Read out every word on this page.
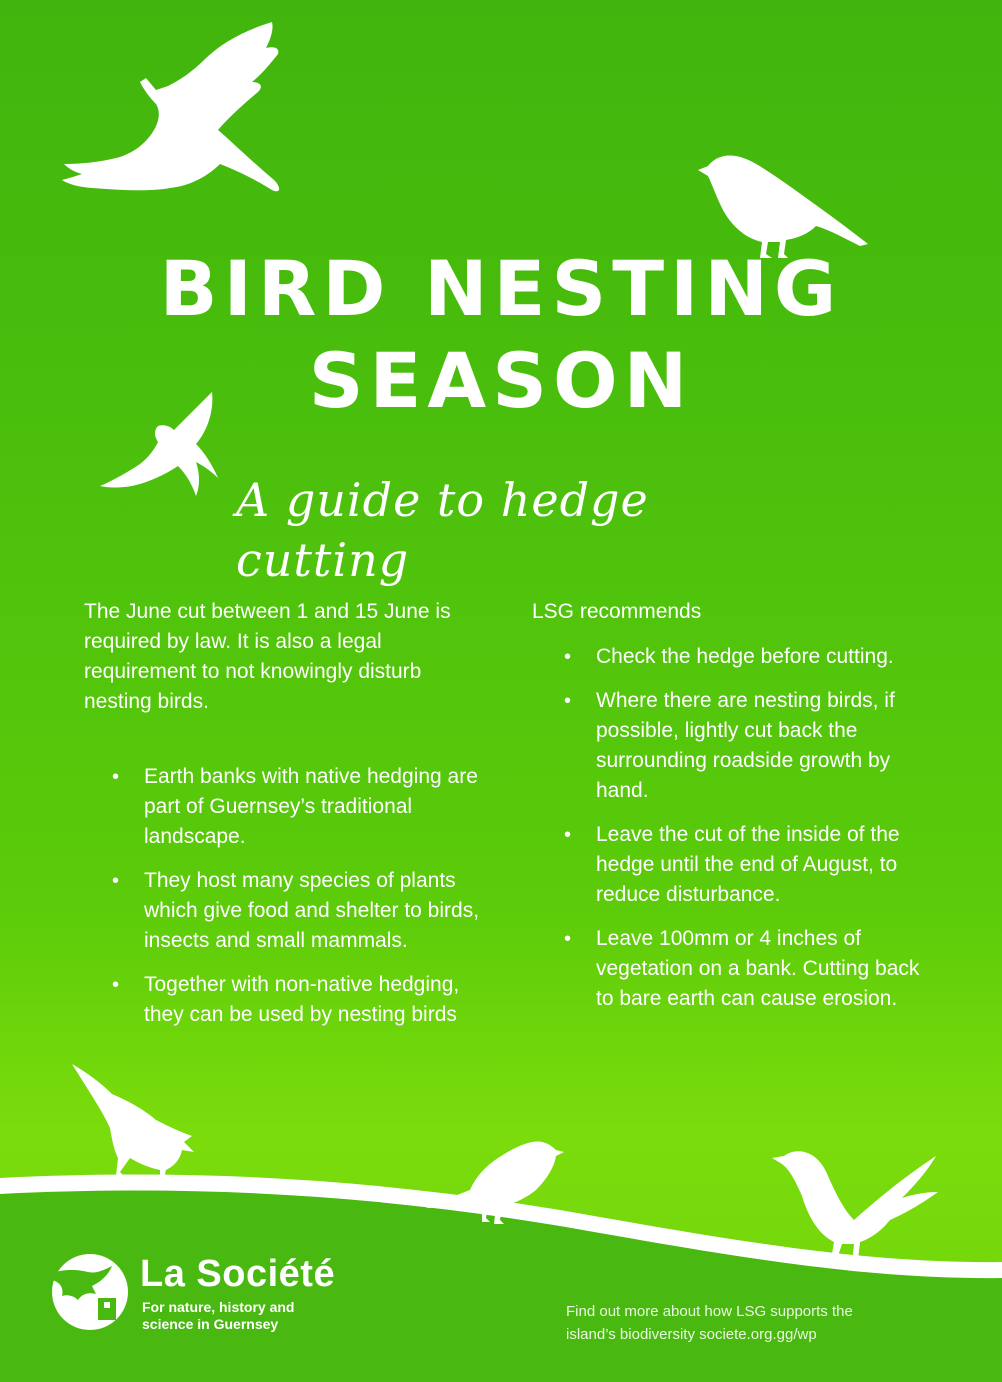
BIRD NESTING
SEASON
A guide to hedge cutting
The June cut between 1 and 15 June is required by law. It is also a legal requirement to not knowingly disturb nesting birds.
• Earth banks with native hedging are part of Guernsey’s traditional landscape.
• They host many species of plants which give food and shelter to birds, insects and small mammals.
• Together with non-native hedging, they can be used by nesting birds
LSG recommends
• Check the hedge before cutting.
• Where there are nesting birds, if possible, lightly cut back the surrounding roadside growth by hand.
• Leave the cut of the inside of the hedge until the end of August, to reduce disturbance.
• Leave 100mm or 4 inches of vegetation on a bank. Cutting back to bare earth can cause erosion.
La Société
For nature, history and science in Guernsey
Find out more about how LSG supports the island’s biodiversity societe.org.gg/wp
